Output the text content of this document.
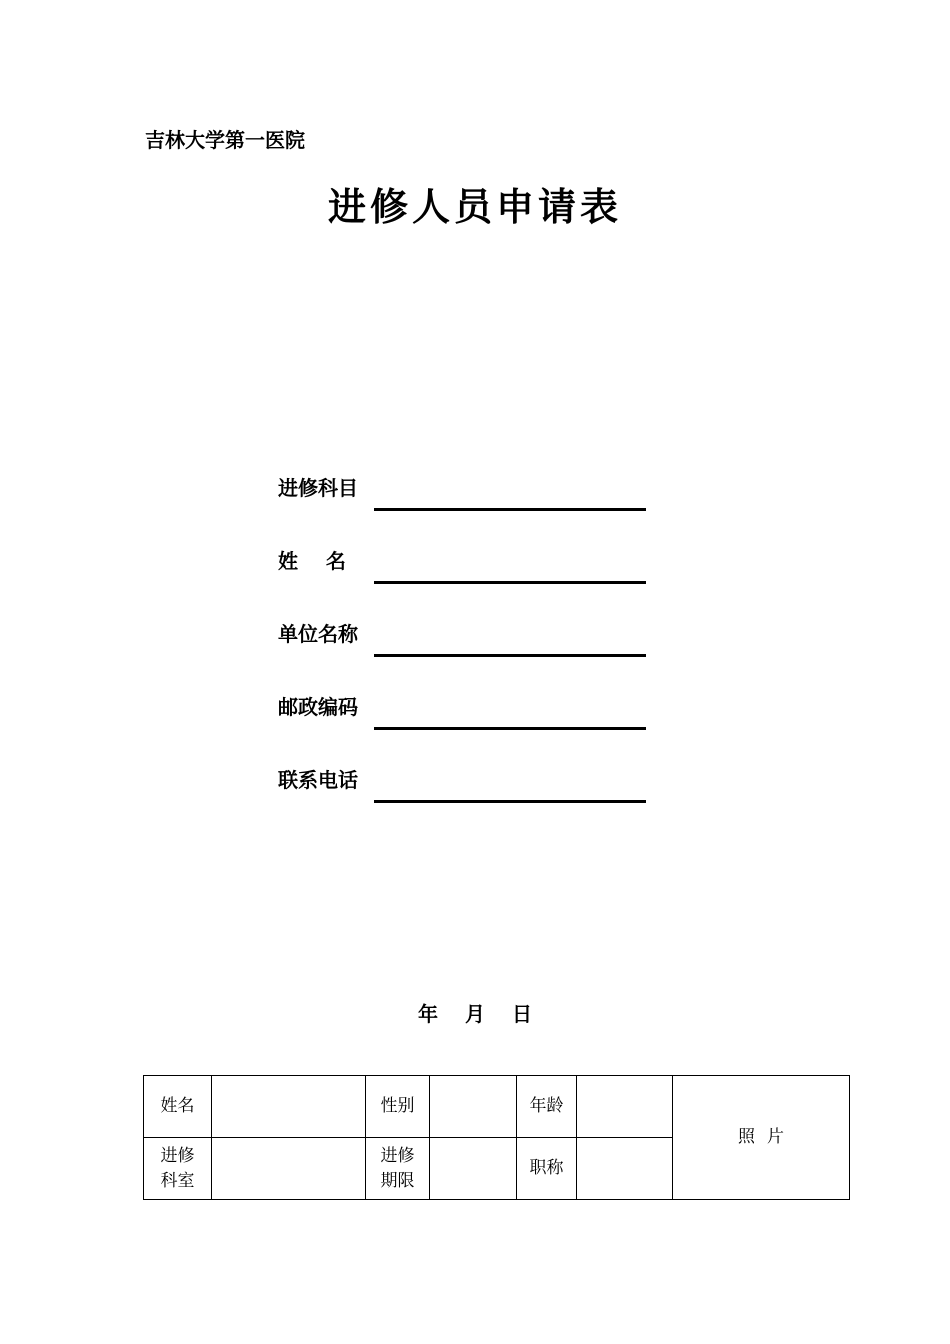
吉林大学第一医院
进修人员申请表
进修科目
姓    名
单位名称
邮政编码
联系电话
年 月 日
姓名		性别		年龄		照 片
进修科室		进修期限		职称		
